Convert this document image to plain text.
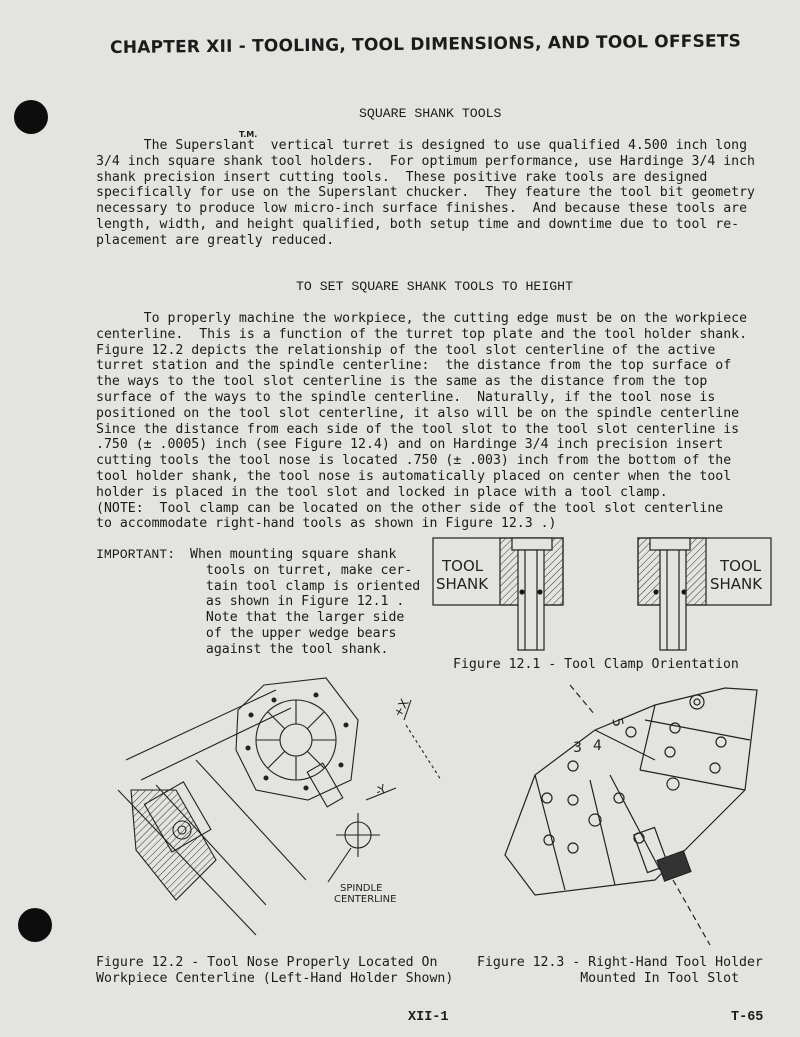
CHAPTER XII - TOOLING, TOOL DIMENSIONS, AND TOOL OFFSETS
SQUARE SHANK TOOLS
T.M.
The Superslant  vertical turret is designed to use qualified 4.500 inch long
3/4 inch square shank tool holders.  For optimum performance, use Hardinge 3/4 inch
shank precision insert cutting tools.  These positive rake tools are designed
specifically for use on the Superslant chucker.  They feature the tool bit geometry
necessary to produce low micro-inch surface finishes.  And because these tools are
length, width, and height qualified, both setup time and downtime due to tool re-
placement are greatly reduced.
TO SET SQUARE SHANK TOOLS TO HEIGHT
To properly machine the workpiece, the cutting edge must be on the workpiece
centerline.  This is a function of the turret top plate and the tool holder shank.
Figure 12.2 depicts the relationship of the tool slot centerline of the active
turret station and the spindle centerline:  the distance from the top surface of
the ways to the tool slot centerline is the same as the distance from the top
surface of the ways to the spindle centerline.  Naturally, if the tool nose is
positioned on the tool slot centerline, it also will be on the spindle centerline
Since the distance from each side of the tool slot to the tool slot centerline is
.750 (± .0005) inch (see Figure 12.4) and on Hardinge 3/4 inch precision insert
cutting tools the tool nose is located .750 (± .003) inch from the bottom of the
tool holder shank, the tool nose is automatically placed on center when the tool
holder is placed in the tool slot and locked in place with a tool clamp.
(NOTE:  Tool clamp can be located on the other side of the tool slot centerline
to accommodate right-hand tools as shown in Figure 12.3 .)
IMPORTANT: When mounting square shank
tools on turret, make cer-
tain tool clamp is oriented
as shown in Figure 12.1 .
Note that the larger side
of the upper wedge bears
against the tool shank.
TOOL
SHANK
TOOL
SHANK
Figure 12.1 - Tool Clamp Orientation
+X
-Y
SPINDLE
CENTERLINE
Figure 12.2 - Tool Nose Properly Located On
Workpiece Centerline (Left-Hand Holder Shown)
3 4
5
Figure 12.3 - Right-Hand Tool Holder
Mounted In Tool Slot
XII-1	T-65
